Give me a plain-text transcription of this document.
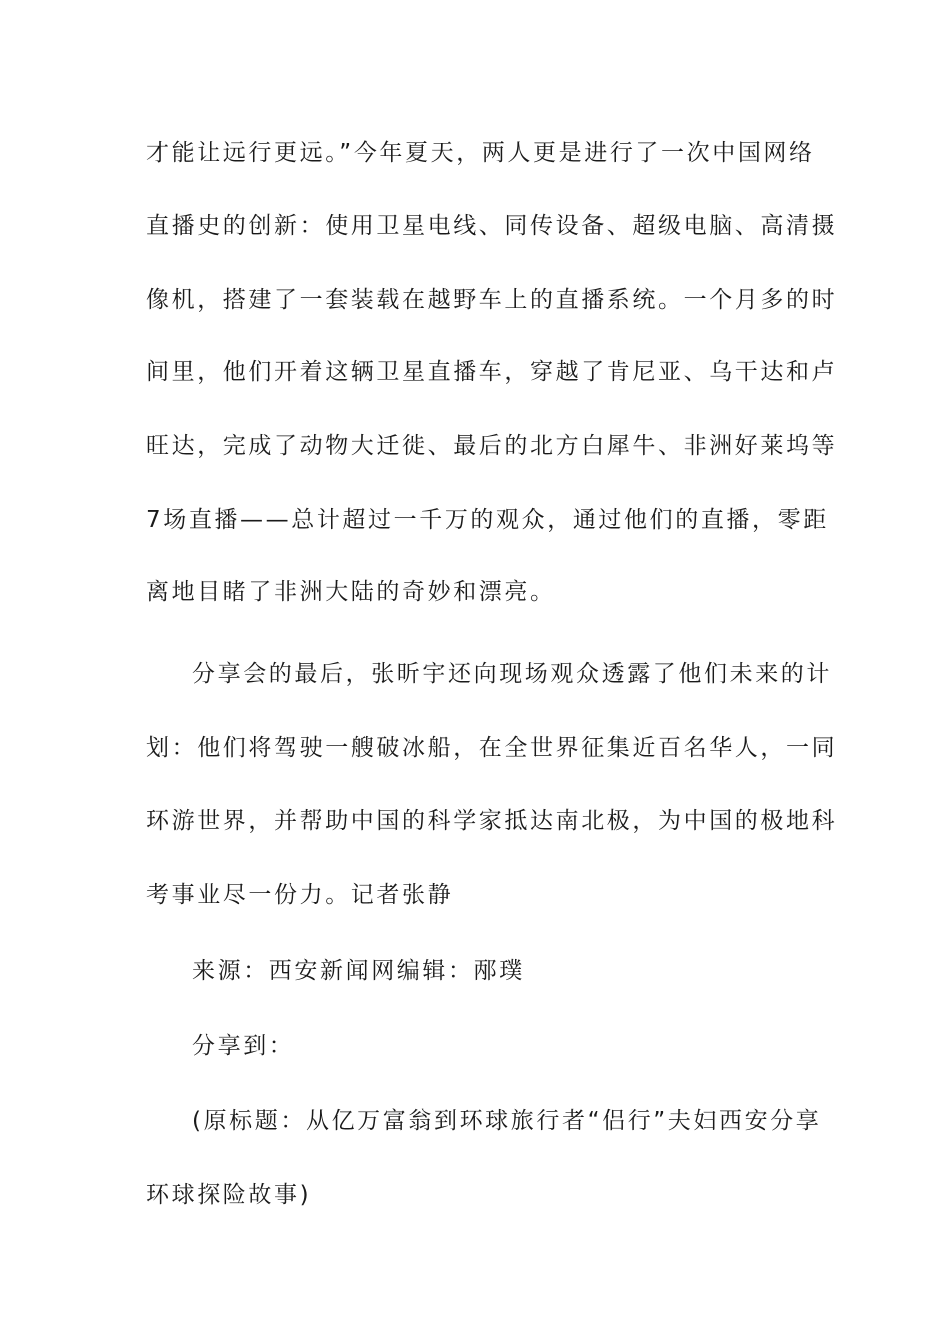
才能让远行更远。”今年夏天，两人更是进行了一次中国网络
直播史的创新：使用卫星电线、同传设备、超级电脑、高清摄
像机，搭建了一套装载在越野车上的直播系统。一个月多的时
间里，他们开着这辆卫星直播车，穿越了肯尼亚、乌干达和卢
旺达，完成了动物大迁徙、最后的北方白犀牛、非洲好莱坞等
7场直播——总计超过一千万的观众，通过他们的直播，零距
离地目睹了非洲大陆的奇妙和漂亮。
分享会的最后，张昕宇还向现场观众透露了他们未来的计
划：他们将驾驶一艘破冰船，在全世界征集近百名华人，一同
环游世界，并帮助中国的科学家抵达南北极，为中国的极地科
考事业尽一份力。记者张静
来源：西安新闻网编辑：邴璞
分享到：
(原标题：从亿万富翁到环球旅行者“侣行”夫妇西安分享
环球探险故事)
